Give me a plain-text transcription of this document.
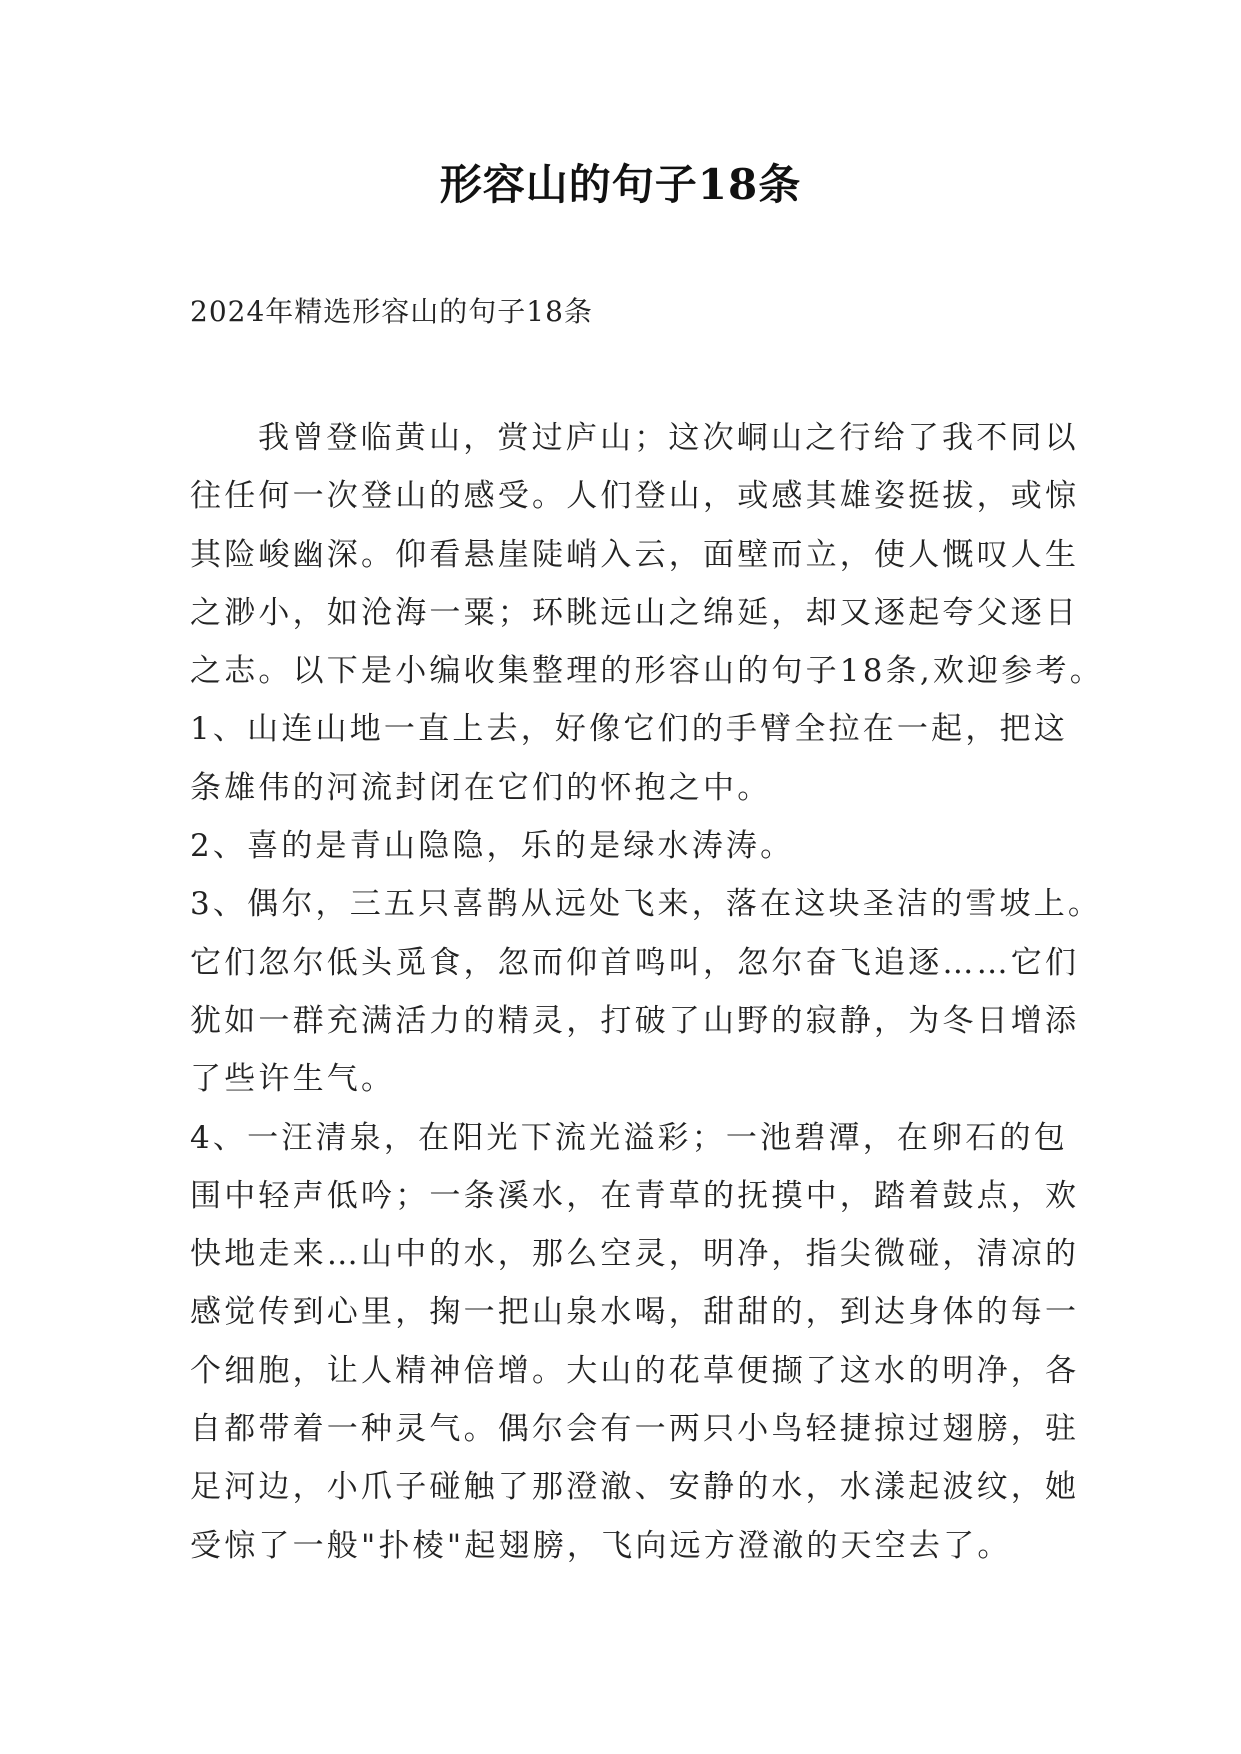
形容山的句子18条
2024年精选形容山的句子18条
我曾登临黄山，赏过庐山；这次峒山之行给了我不同以
往任何一次登山的感受。人们登山，或感其雄姿挺拔，或惊
其险峻幽深。仰看悬崖陡峭入云，面壁而立，使人慨叹人生
之渺小，如沧海一粟；环眺远山之绵延，却又逐起夸父逐日
之志。以下是小编收集整理的形容山的句子18条,欢迎参考。
1、山连山地一直上去，好像它们的手臂全拉在一起，把这
条雄伟的河流封闭在它们的怀抱之中。
2、喜的是青山隐隐，乐的是绿水涛涛。
3、偶尔，三五只喜鹊从远处飞来，落在这块圣洁的雪坡上。
它们忽尔低头觅食，忽而仰首鸣叫，忽尔奋飞追逐……它们
犹如一群充满活力的精灵，打破了山野的寂静，为冬日增添
了些许生气。
4、一汪清泉，在阳光下流光溢彩；一池碧潭，在卵石的包
围中轻声低吟；一条溪水，在青草的抚摸中，踏着鼓点，欢
快地走来…山中的水，那么空灵，明净，指尖微碰，清凉的
感觉传到心里，掬一把山泉水喝，甜甜的，到达身体的每一
个细胞，让人精神倍增。大山的花草便撷了这水的明净，各
自都带着一种灵气。偶尔会有一两只小鸟轻捷掠过翅膀，驻
足河边，小爪子碰触了那澄澈、安静的水，水漾起波纹，她
受惊了一般"扑棱"起翅膀，飞向远方澄澈的天空去了。
